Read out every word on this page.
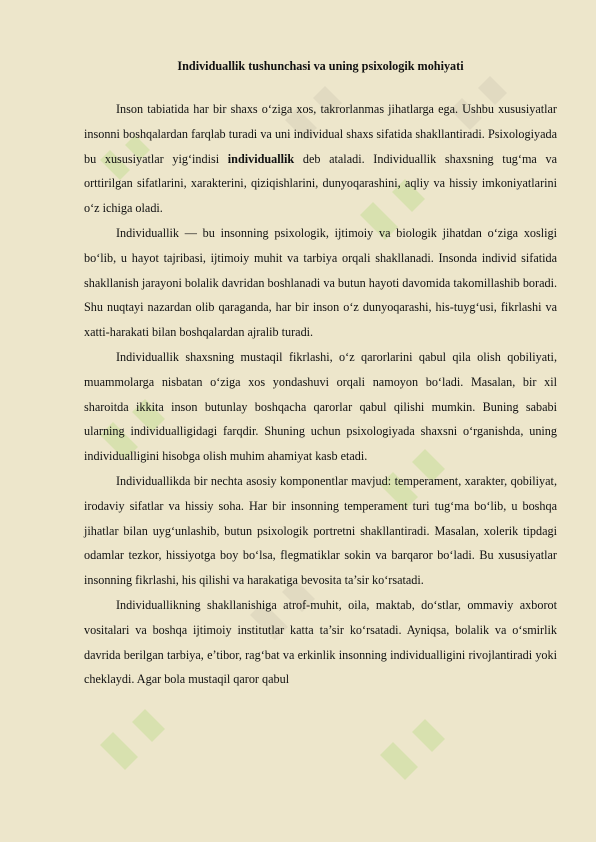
Individuallik tushunchasi va uning psixologik mohiyati

Inson tabiatida har bir shaxs o‘ziga xos, takrorlanmas jihatlarga ega. Ushbu xususiyatlar insonni boshqalardan farqlab turadi va uni individual shaxs sifatida shakllantiradi. Psixologiyada bu xususiyatlar yig‘indisi individuallik deb ataladi. Individuallik shaxsning tug‘ma va orttirilgan sifatlarini, xarakterini, qiziqishlarini, dunyoqarashini, aqliy va hissiy imkoniyatlarini o‘z ichiga oladi.

Individuallik — bu insonning psixologik, ijtimoiy va biologik jihatdan o‘ziga xosligi bo‘lib, u hayot tajribasi, ijtimoiy muhit va tarbiya orqali shakllanadi. Insonda individ sifatida shakllanish jarayoni bolalik davridan boshlanadi va butun hayoti davomida takomillashib boradi. Shu nuqtayi nazardan olib qaraganda, har bir inson o‘z dunyoqarashi, his-tuyg‘usi, fikrlashi va xatti-harakati bilan boshqalardan ajralib turadi.

Individuallik shaxsning mustaqil fikrlashi, o‘z qarorlarini qabul qila olish qobiliyati, muammolarga nisbatan o‘ziga xos yondashuvi orqali namoyon bo‘ladi. Masalan, bir xil sharoitda ikkita inson butunlay boshqacha qarorlar qabul qilishi mumkin. Buning sababi ularning individualligidagi farqdir. Shuning uchun psixologiyada shaxsni o‘rganishda, uning individualligini hisobga olish muhim ahamiyat kasb etadi.

Individuallikda bir nechta asosiy komponentlar mavjud: temperament, xarakter, qobiliyat, irodaviy sifatlar va hissiy soha. Har bir insonning temperament turi tug‘ma bo‘lib, u boshqa jihatlar bilan uyg‘unlashib, butun psixologik portretni shakllantiradi. Masalan, xolerik tipdagi odamlar tezkor, hissiyotga boy bo‘lsa, flegmatiklar sokin va barqaror bo‘ladi. Bu xususiyatlar insonning fikrlashi, his qilishi va harakatiga bevosita ta’sir ko‘rsatadi.

Individuallikning shakllanishiga atrof-muhit, oila, maktab, do‘stlar, ommaviy axborot vositalari va boshqa ijtimoiy institutlar katta ta’sir ko‘rsatadi. Ayniqsa, bolalik va o‘smirlik davrida berilgan tarbiya, e’tibor, rag‘bat va erkinlik insonning individualligini rivojlantiradi yoki cheklaydi. Agar bola mustaqil qaror qabul
